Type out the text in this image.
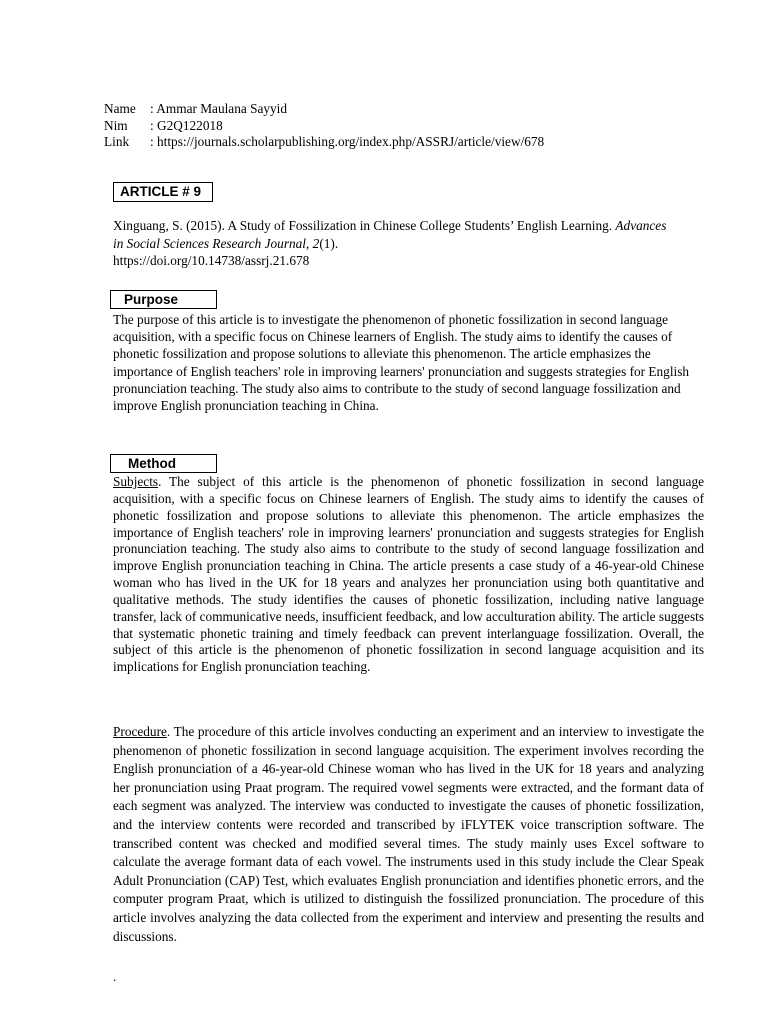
Name	: Ammar Maulana Sayyid
Nim	: G2Q122018
Link	: https://journals.scholarpublishing.org/index.php/ASSRJ/article/view/678
ARTICLE # 9
Xinguang, S. (2015). A Study of Fossilization in Chinese College Students’ English Learning. Advances in Social Sciences Research Journal, 2(1).
https://doi.org/10.14738/assrj.21.678
Purpose
The purpose of this article is to investigate the phenomenon of phonetic fossilization in second language acquisition, with a specific focus on Chinese learners of English. The study aims to identify the causes of phonetic fossilization and propose solutions to alleviate this phenomenon. The article emphasizes the importance of English teachers' role in improving learners' pronunciation and suggests strategies for English pronunciation teaching. The study also aims to contribute to the study of second language fossilization and improve English pronunciation teaching in China.
Method
Subjects. The subject of this article is the phenomenon of phonetic fossilization in second language acquisition, with a specific focus on Chinese learners of English. The study aims to identify the causes of phonetic fossilization and propose solutions to alleviate this phenomenon. The article emphasizes the importance of English teachers' role in improving learners' pronunciation and suggests strategies for English pronunciation teaching. The study also aims to contribute to the study of second language fossilization and improve English pronunciation teaching in China. The article presents a case study of a 46-year-old Chinese woman who has lived in the UK for 18 years and analyzes her pronunciation using both quantitative and qualitative methods. The study identifies the causes of phonetic fossilization, including native language transfer, lack of communicative needs, insufficient feedback, and low acculturation ability. The article suggests that systematic phonetic training and timely feedback can prevent interlanguage fossilization. Overall, the subject of this article is the phenomenon of phonetic fossilization in second language acquisition and its implications for English pronunciation teaching.
Procedure. The procedure of this article involves conducting an experiment and an interview to investigate the phenomenon of phonetic fossilization in second language acquisition. The experiment involves recording the English pronunciation of a 46-year-old Chinese woman who has lived in the UK for 18 years and analyzing her pronunciation using Praat program. The required vowel segments were extracted, and the formant data of each segment was analyzed. The interview was conducted to investigate the causes of phonetic fossilization, and the interview contents were recorded and transcribed by iFLYTEK voice transcription software. The transcribed content was checked and modified several times. The study mainly uses Excel software to calculate the average formant data of each vowel. The instruments used in this study include the Clear Speak Adult Pronunciation (CAP) Test, which evaluates English pronunciation and identifies phonetic errors, and the computer program Praat, which is utilized to distinguish the fossilized pronunciation. The procedure of this article involves analyzing the data collected from the experiment and interview and presenting the results and discussions.
.
